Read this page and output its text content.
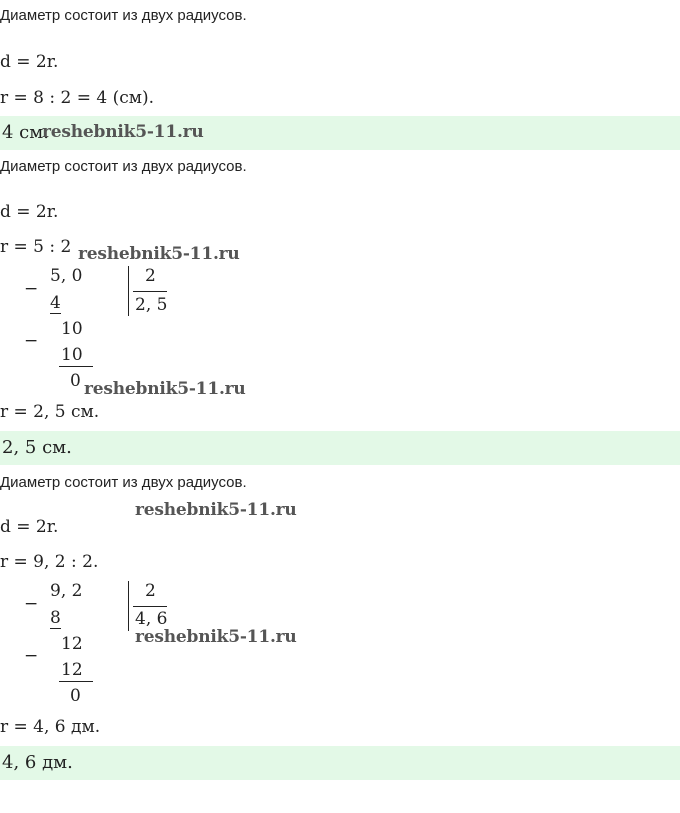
Диаметр состоит из двух радиусов.
d = 2r.
r = 8 : 2 = 4 (см).
4 см.
reshebnik5-11.ru
Диаметр состоит из двух радиусов.
d = 2r.
r = 5 : 2 reshebnik5-11.ru
−
5, 0	2
4	2, 5
−
10
10
0 reshebnik5-11.ru
r = 2, 5 см.
2, 5 см.
Диаметр состоит из двух радиусов.
reshebnik5-11.ru
d = 2r.
r = 9, 2 : 2.
−
9, 2	2
8	4, 6
reshebnik5-11.ru
−
12
12
0
r = 4, 6 дм.
4, 6 дм.
